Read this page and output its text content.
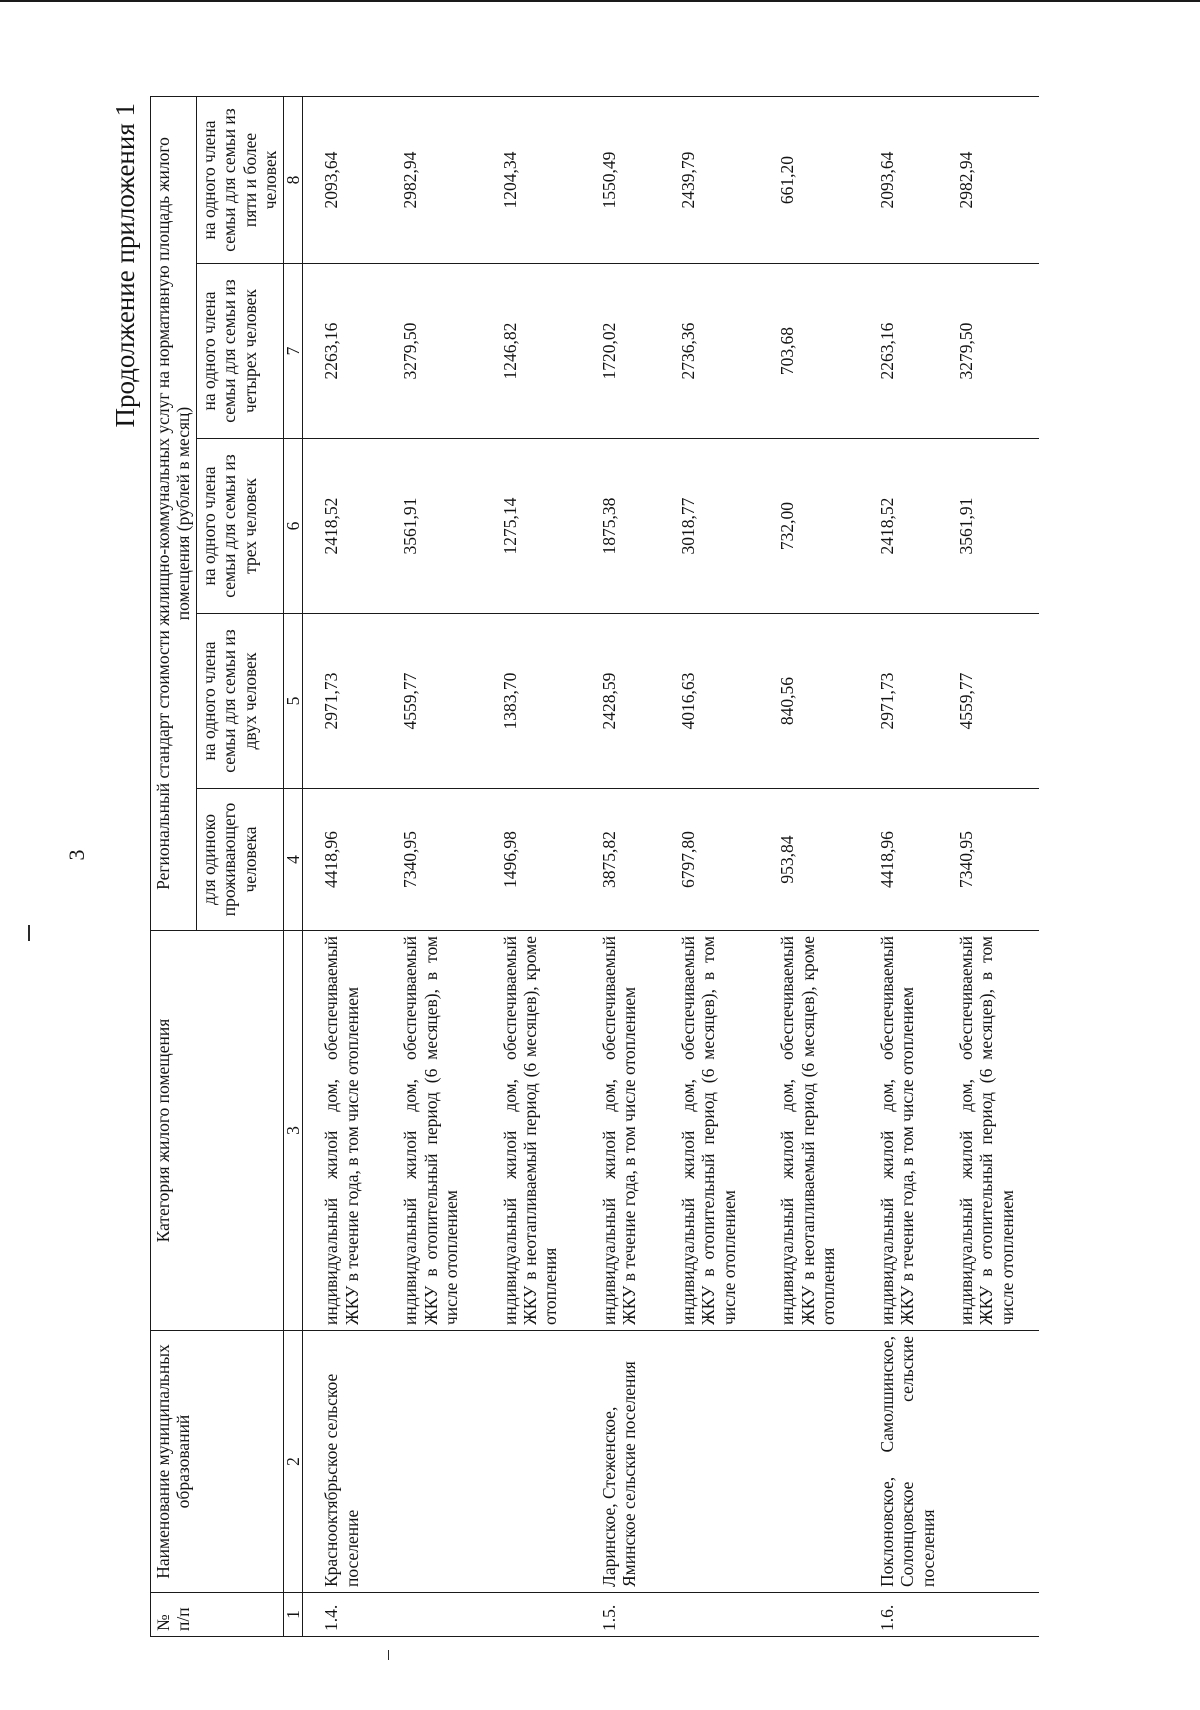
3
Продолжение приложения 1
№ п/п	Наименование муниципальных образований	Категория жилого помещения	Региональный стандарт стоимости жилищно-коммунальных услуг на нормативную площадь жилого помещения (рублей в месяц)				
			для одиноко проживающего человека	на одного члена семьи для семьи из двух человек	на одного члена семьи для семьи из трех человек	на одного члена семьи для семьи из четырех человек	на одного члена семьи для семьи из пяти и более человек
1	2	3	4	5	6	7	8
1.4.	Краснооктябрьское сельское поселение	индивидуальный жилой дом, обеспечиваемый ЖКУ в течение года, в том числе отоплением	4418,96	2971,73	2418,52	2263,16	2093,64
		индивидуальный жилой дом, обеспечиваемый ЖКУ в отопительный период (6 месяцев), в том числе отоплением	7340,95	4559,77	3561,91	3279,50	2982,94
		индивидуальный жилой дом, обеспечиваемый ЖКУ в неотапливаемый период (6 месяцев), кроме отопления	1496,98	1383,70	1275,14	1246,82	1204,34
1.5.	Ларинское, Стеженское, Яминское сельские поселения	индивидуальный жилой дом, обеспечиваемый ЖКУ в течение года, в том числе отоплением	3875,82	2428,59	1875,38	1720,02	1550,49
		индивидуальный жилой дом, обеспечиваемый ЖКУ в отопительный период (6 месяцев), в том числе отоплением	6797,80	4016,63	3018,77	2736,36	2439,79
		индивидуальный жилой дом, обеспечиваемый ЖКУ в неотапливаемый период (6 месяцев), кроме отопления	953,84	840,56	732,00	703,68	661,20
1.6.	Поклоновское, Самолшинское, Солонцовское сельские поселения	индивидуальный жилой дом, обеспечиваемый ЖКУ в течение года, в том числе отоплением	4418,96	2971,73	2418,52	2263,16	2093,64
		индивидуальный жилой дом, обеспечиваемый ЖКУ в отопительный период (6 месяцев), в том числе отоплением	7340,95	4559,77	3561,91	3279,50	2982,94
